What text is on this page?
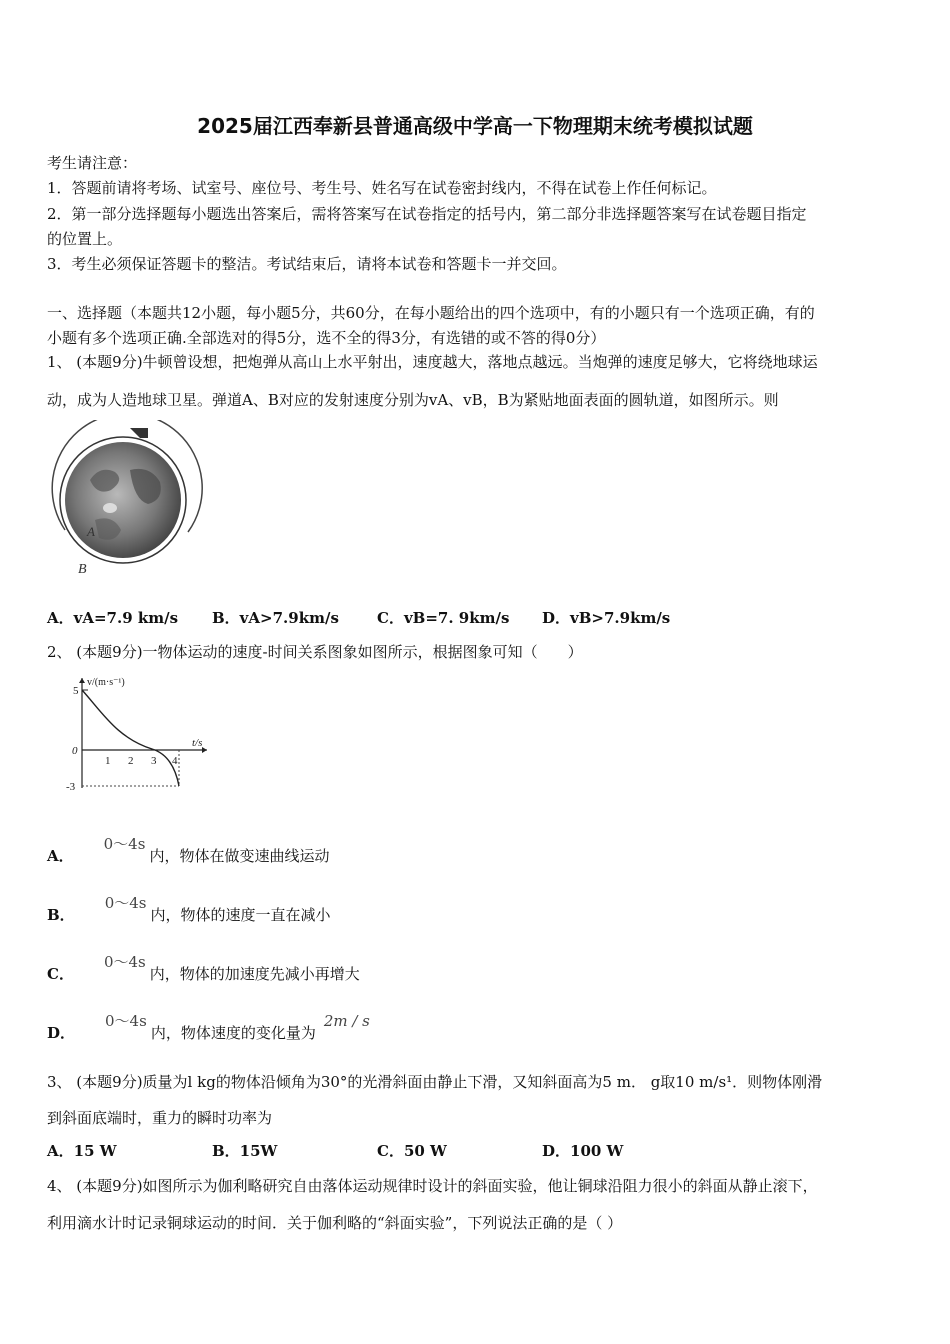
2025届江西奉新县普通高级中学高一下物理期末统考模拟试题
考生请注意：
1．答题前请将考场、试室号、座位号、考生号、姓名写在试卷密封线内，不得在试卷上作任何标记。
2．第一部分选择题每小题选出答案后，需将答案写在试卷指定的括号内，第二部分非选择题答案写在试卷题目指定
的位置上。
3．考生必须保证答题卡的整洁。考试结束后，请将本试卷和答题卡一并交回。
一、选择题（本题共12小题，每小题5分，共60分，在每小题给出的四个选项中，有的小题只有一个选项正确，有的
小题有多个选项正确.全部选对的得5分，选不全的得3分，有选错的或不答的得0分）
1、 (本题9分)牛顿曾设想，把炮弹从高山上水平射出，速度越大，落地点越远。当炮弹的速度足够大，它将绕地球运
动，成为人造地球卫星。弹道A、B对应的发射速度分别为vA、vB，B为紧贴地面表面的圆轨道，如图所示。则
A
B
A．vA=7.9 km/s	B．vA>7.9km/s	C．vB=7. 9km/s	D．vB>7.9km/s
2、 (本题9分)一物体运动的速度-时间关系图象如图所示，根据图象可知（　　）
v/(m·s⁻¹)
t/s
5
0
-3
1 2 3 4
A．0～4s内，物体在做变速曲线运动
B．0～4s内，物体的速度一直在减小
C．0～4s内，物体的加速度先减小再增大
D．0～4s内，物体速度的变化量为2m / s
3、 (本题9分)质量为l kg的物体沿倾角为30°的光滑斜面由静止下滑，又知斜面高为5 m． g取10 m/s¹．则物体刚滑
到斜面底端时，重力的瞬时功率为
A．15 W	B．15W	C．50 W	D．100 W
4、 (本题9分)如图所示为伽利略研究自由落体运动规律时设计的斜面实验，他让铜球沿阻力很小的斜面从静止滚下，
利用滴水计时记录铜球运动的时间．关于伽利略的“斜面实验”，下列说法正确的是（ ）
